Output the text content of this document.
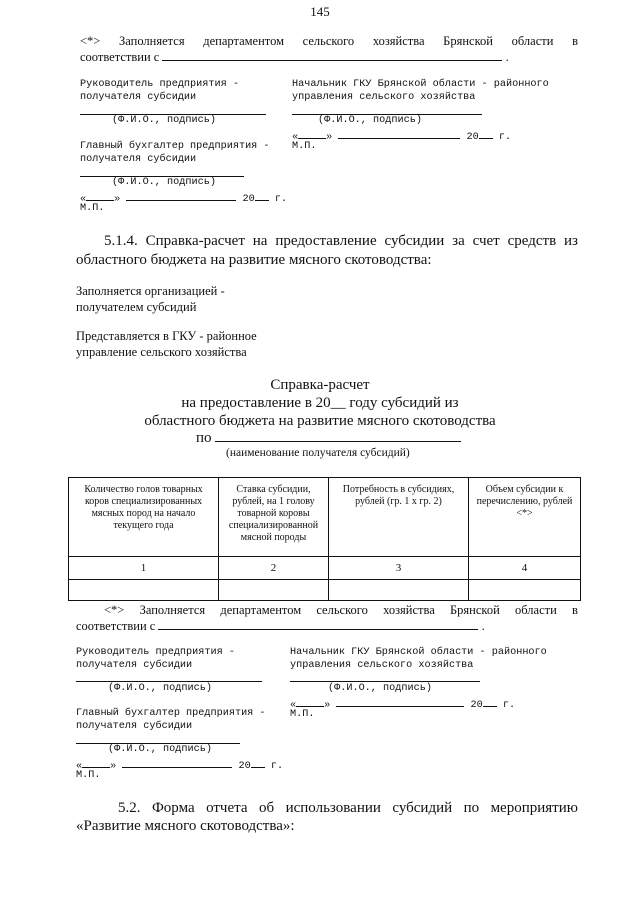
145
<*> Заполняется департаментом сельского хозяйства Брянской области в
соответствии с	.
Руководитель предприятия -
получателя субсидии
Начальник ГКУ Брянской области - районного
управления сельского хозяйства
(Ф.И.О., подпись)	(Ф.И.О., подпись)
«	»	20 г.
Главный бухгалтер предприятия -
получателя субсидии
М.П.
(Ф.И.О., подпись)
«	»	20 г.
М.П.
5.1.4. Справка-расчет на предоставление субсидии за счет средств из
областного бюджета на развитие мясного скотоводства:
Заполняется организацией -
получателем субсидий
Представляется в ГКУ - районное
управление сельского хозяйства
Справка-расчет
на предоставление в 20__ году субсидий из
областного бюджета на развитие мясного скотоводства
по
(наименование получателя субсидий)
Количество голов товарных коров специализированных мясных пород на начало текущего года	Ставка субсидии, рублей, на 1 голову товарной коровы специализированной мясной породы	Потребность в субсидиях, рублей (гр. 1 x гр. 2)	Объем субсидии к перечислению, рублей <*>
1	2	3	4

<*> Заполняется департаментом сельского хозяйства Брянской области в
соответствии с	.
Руководитель предприятия -
получателя субсидии
Начальник ГКУ Брянской области - районного
управления сельского хозяйства
(Ф.И.О., подпись)	(Ф.И.О., подпись)
«	»	20 г.
Главный бухгалтер предприятия -
получателя субсидии
М.П.
(Ф.И.О., подпись)
«	»	20 г.
М.П.
5.2. Форма отчета об использовании субсидий по мероприятию
«Развитие мясного скотоводства»:
